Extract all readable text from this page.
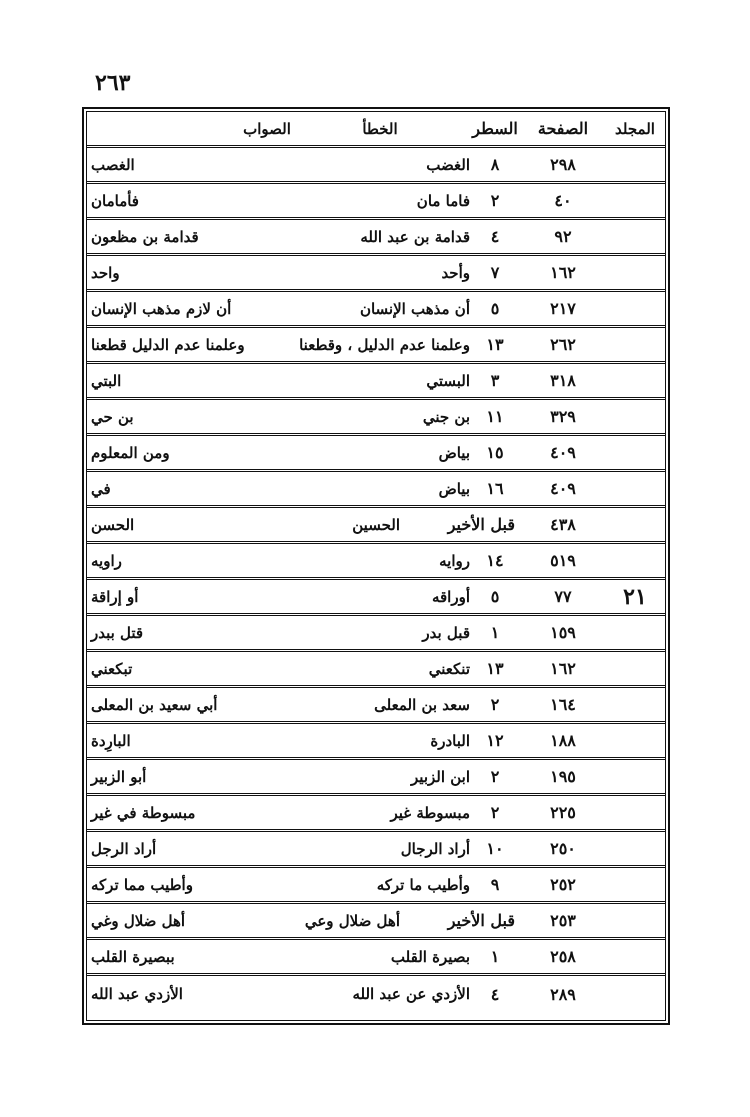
٢٦٣
المجلد
الصفحة
السطر
الخطأ
الصواب
٢٩٨
٨
الغضب
الغصب
٤٠
٢
فاما مان
فأمامان
٩٢
٤
قدامة بن عبد الله
قدامة بن مظعون
١٦٢
٧
وأحد
واحد
٢١٧
٥
أن مذهب الإنسان
أن لازم مذهب الإنسان
٢٦٢
١٣
وعلمنا عدم الدليل ، وقطعنا
وعلمنا عدم الدليل قطعنا
٣١٨
٣
البستي
البتي
٣٢٩
١١
بن جني
بن حي
٤٠٩
١٥
بياض
ومن المعلوم
٤٠٩
١٦
بياض
في
٤٣٨
قبل الأخير
الحسين
الحسن
٥١٩
١٤
روايه
راويه
٢١
٧٧
٥
أوراقه
أو إراقة
١٥٩
١
قبل بدر
قتل ببدر
١٦٢
١٣
تنكعني
تبكعني
١٦٤
٢
سعد بن المعلى
أبي سعيد بن المعلى
١٨٨
١٢
البادرة
البارِدة
١٩٥
٢
ابن الزبير
أبو الزبير
٢٢٥
٢
مبسوطة غير
مبسوطة في غير
٢٥٠
١٠
أراد الرجال
أراد الرجل
٢٥٢
٩
وأطيب ما تركه
وأطيب مما تركه
٢٥٣
قبل الأخير
أهل ضلال وعي
أهل ضلال وغي
٢٥٨
١
بصيرة القلب
ببصيرة القلب
٢٨٩
٤
الأزدي عن عبد الله
الأزدي عبد الله
